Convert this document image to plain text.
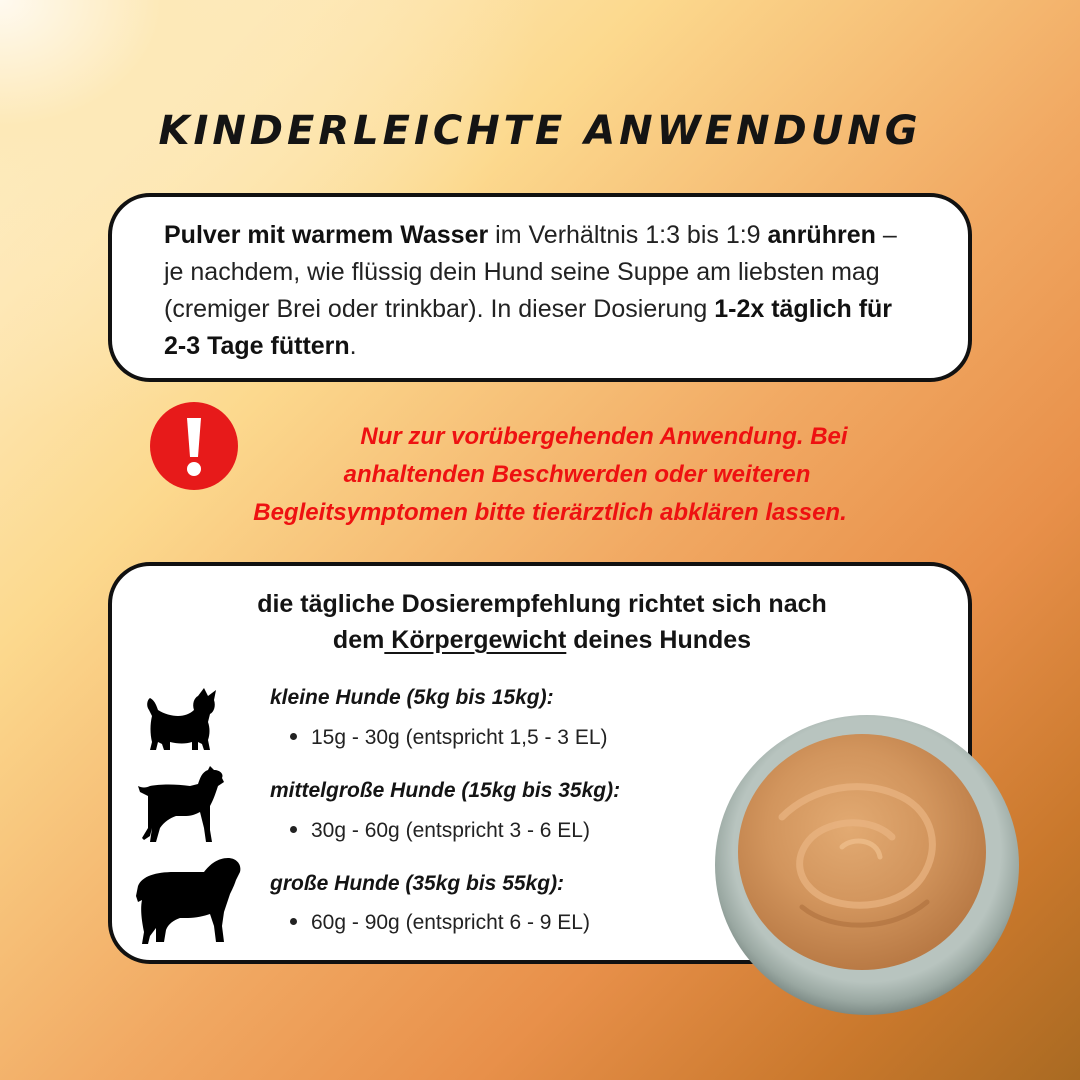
KINDERLEICHTE ANWENDUNG

Pulver mit warmem Wasser im Verhältnis 1:3 bis 1:9 anrühren – je nachdem, wie flüssig dein Hund seine Suppe am liebsten mag (cremiger Brei oder trinkbar). In dieser Dosierung 1-2x täglich für 2-3 Tage füttern.

Nur zur vorübergehenden Anwendung. Bei
anhaltenden Beschwerden oder weiteren
Begleitsymptomen bitte tierärztlich abklären lassen.

die tägliche Dosierempfehlung richtet sich nach
dem Körpergewicht deines Hundes

kleine Hunde (5kg bis 15kg):
15g - 30g (entspricht 1,5 - 3 EL)
mittelgroße Hunde (15kg bis 35kg):
30g - 60g (entspricht 3 - 6 EL)
große Hunde (35kg bis 55kg):
60g - 90g (entspricht 6 - 9 EL)
